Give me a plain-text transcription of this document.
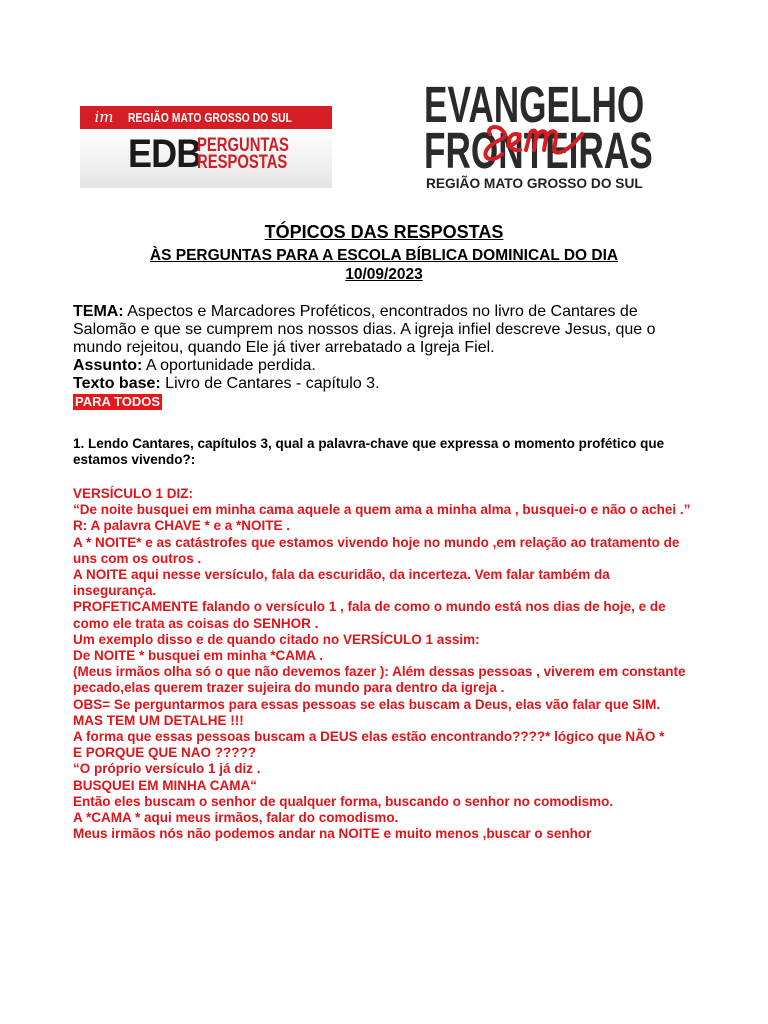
im	REGIÃO MATO GROSSO DO SUL
EDB
PERGUNTAS
RESPOSTAS
EVANGELHO
FRONTEIRAS
REGIÃO MATO GROSSO DO SUL
TÓPICOS DAS RESPOSTAS
ÀS PERGUNTAS PARA A ESCOLA BÍBLICA DOMINICAL DO DIA
10/09/2023

TEMA: Aspectos e Marcadores Proféticos, encontrados no livro de Cantares de Salomão e que se cumprem nos nossos dias. A igreja infiel descreve Jesus, que o mundo rejeitou, quando Ele já tiver arrebatado a Igreja Fiel.

Assunto: A oportunidade perdida.

Texto base: Livro de Cantares - capítulo 3.

PARA TODOS
1. Lendo Cantares, capítulos 3, qual a palavra-chave que expressa o momento profético que estamos vivendo?:

VERSÍCULO 1 DIZ:

“De noite busquei em minha cama aquele a quem ama a minha alma , busquei-o e não o achei .”

R: A palavra CHAVE * e a *NOITE .

A * NOITE* e as catástrofes que estamos vivendo hoje no mundo ,em relação ao tratamento de uns com os outros .

A NOITE aqui nesse versículo, fala da escuridão, da incerteza. Vem falar também da insegurança.

PROFETICAMENTE falando o versículo 1 , fala de como o mundo está nos dias de hoje, e de como ele trata as coisas do SENHOR .

Um exemplo disso e de quando citado no VERSÍCULO 1 assim:

De NOITE * busquei em minha *CAMA .

(Meus irmãos olha só o que não devemos fazer ): Além dessas pessoas , viverem em constante pecado,elas querem trazer sujeira do mundo para dentro da igreja .

OBS= Se perguntarmos para essas pessoas se elas buscam a Deus, elas vão falar que SIM.

MAS TEM UM DETALHE !!!

A forma que essas pessoas buscam a DEUS elas estão encontrando????* lógico que NÃO *

E PORQUE QUE NAO ?????

“O próprio versículo 1 já diz .

BUSQUEI EM MINHA CAMA“

Então eles buscam o senhor de qualquer forma, buscando o senhor no comodismo.

A *CAMA * aqui meus irmãos, falar do comodismo.

Meus irmãos nós não podemos andar na NOITE e muito menos ,buscar o senhor
